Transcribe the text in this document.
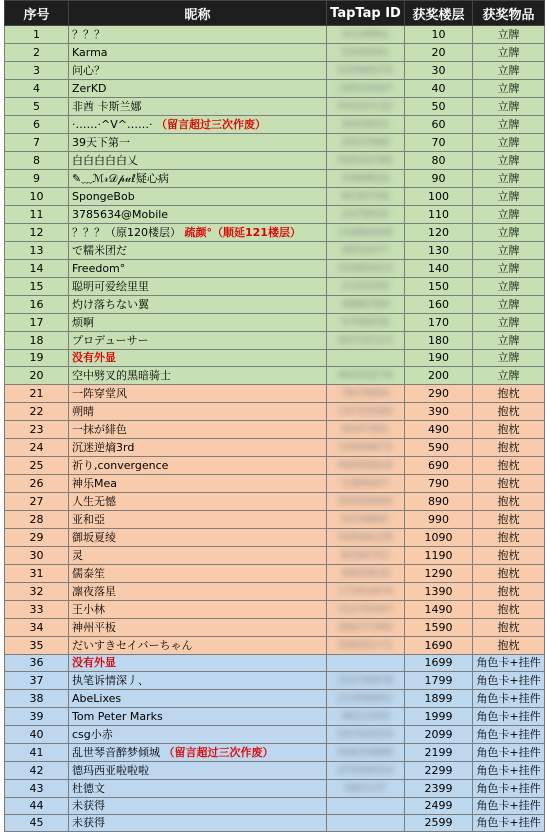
序号	昵称	TapTap ID	获奖楼层	获奖物品
1	？？？	3219862	10	立牌
2	Karma	5304091	20	立牌
3	问心？	43066075	30	立牌
4	ZerKD	16533407	40	立牌
5	非酋 卡斯兰娜	44203132	50	立牌
6	·……·^V^……· （留言超过三次作废）	2643652	60	立牌
7	39天下第一	2647669	70	立牌
8	白白白白白乂	50530785	80	立牌
9	✎﹏ℳ𝓇𝒟𝓅𝓊ℓ疑心病	3389624	90	立牌
10	SpongeBob	8230756	100	立牌
11	3785634@Mobile	2479932	110	立牌
12	？？？（原120楼层） 疏颜°（顺延121楼层）	21880400	120	立牌
13	で糯米团だ	4832077	130	立牌
14	Freedom°	31085423	140	立牌
15	聪明可爱绘里里	2142040	150	立牌
16	灼け落ちない翼	4686769	160	立牌
17	烦啊	5758039	170	立牌
18	プロデューサー	49725123	180	立牌
19	没有外显		190	立牌
20	空中劈叉的黑暗骑士	48343278	200	立牌
21	一阵穿堂风	7673904	290	抱枕
22	朔晴	14752585	390	抱枕
23	一抹が緋色	9437391	490	抱枕
24	沉迷逆熵3rd	15569672	590	抱枕
25	祈り,convergence	40056610	690	抱枕
26	神乐Mea	1385657	790	抱枕
27	人生无憾	50540064	890	抱枕
28	亚和亞	5018882	990	抱枕
29	御坂夏绫	50546129	1090	抱枕
30	灵	8294752	1190	抱枕
31	儒泰笙	9955818	1290	抱枕
32	凛夜落星	17201874	1390	抱枕
33	王小林	31275497	1490	抱枕
34	神州平板	46677395	1590	抱枕
35	だいすきセイバーちゃん	50655171	1690	抱枕
36	没有外显		1699	角色卡+挂件
37	执笔诉情深丿、	33276878	1799	角色卡+挂件
38	AbeLixes	21408952	1899	角色卡+挂件
39	Tom Peter Marks	4611449	1999	角色卡+挂件
40	csg小赤	50793554	2099	角色卡+挂件
41	乱世琴音醉梦倾城 （留言超过三次作废）	50634888	2199	角色卡+挂件
42	德玛西亚啦啦啦	47056543	2299	角色卡+挂件
43	杜德文	582137	2399	角色卡+挂件
44	未获得		2499	角色卡+挂件
45	未获得		2599	角色卡+挂件
